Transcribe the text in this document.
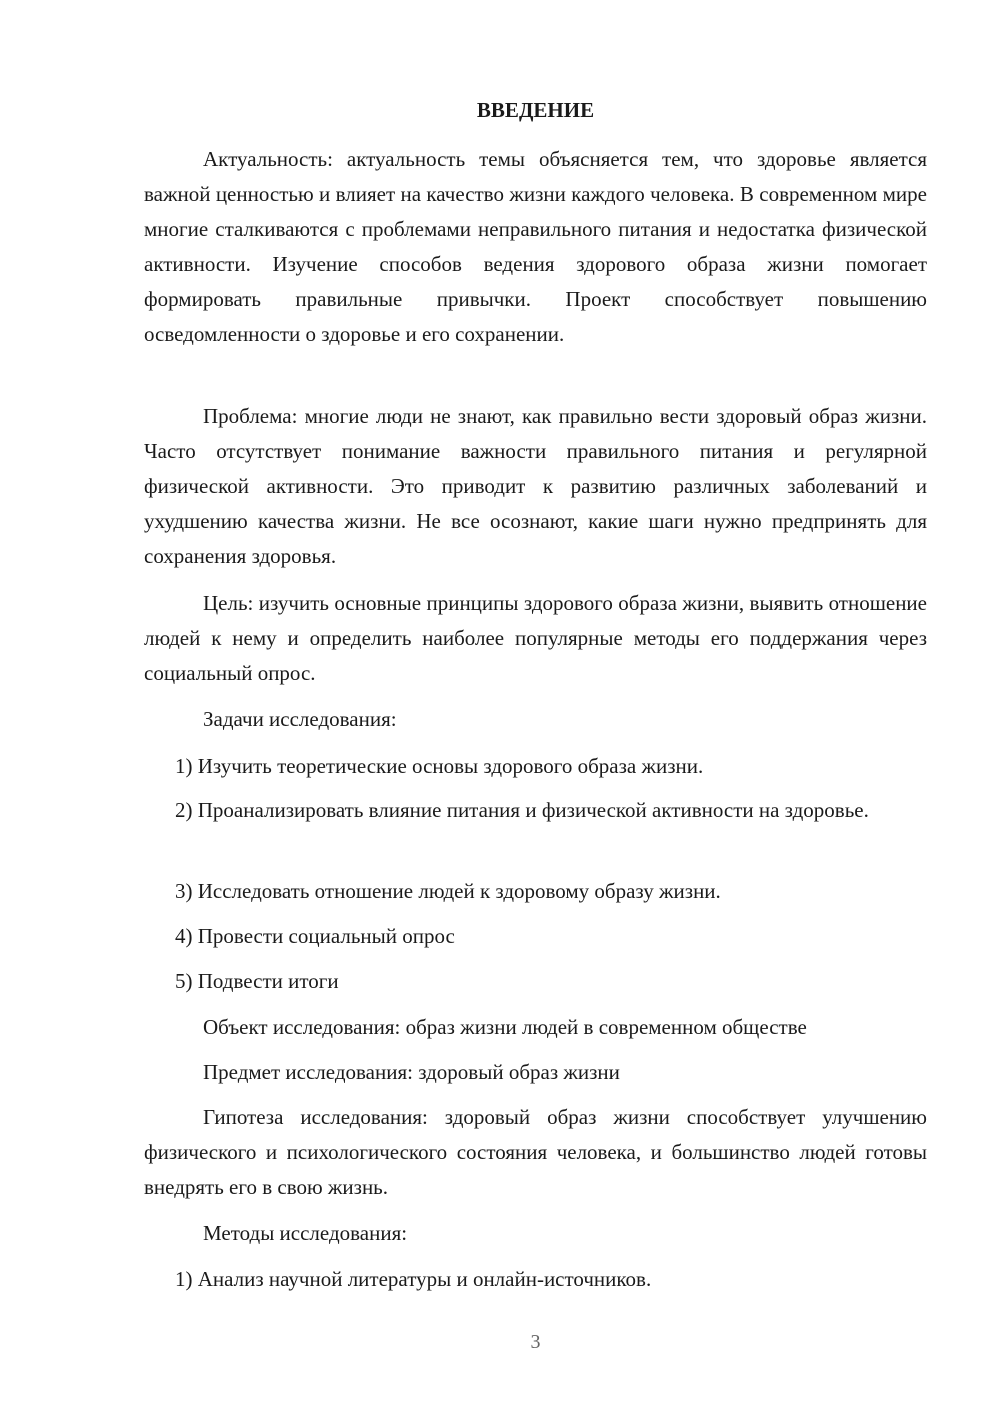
ВВЕДЕНИЕ
Актуальность: актуальность темы объясняется тем, что здоровье является важной ценностью и влияет на качество жизни каждого человека. В современном мире многие сталкиваются с проблемами неправильного питания и недостатка физической активности. Изучение способов ведения здорового образа жизни помогает формировать правильные привычки. Проект способствует повышению осведомленности о здоровье и его сохранении.
Проблема: многие люди не знают, как правильно вести здоровый образ жизни. Часто отсутствует понимание важности правильного питания и регулярной физической активности. Это приводит к развитию различных заболеваний и ухудшению качества жизни. Не все осознают, какие шаги нужно предпринять для сохранения здоровья.
Цель: изучить основные принципы здорового образа жизни, выявить отношение людей к нему и определить наиболее популярные методы его поддержания через социальный опрос.
Задачи исследования:
1) Изучить теоретические основы здорового образа жизни.
2) Проанализировать влияние питания и физической активности на здоровье.
3) Исследовать отношение людей к здоровому образу жизни.
4) Провести социальный опрос
5) Подвести итоги
Объект исследования: образ жизни людей в современном обществе
Предмет исследования: здоровый образ жизни
Гипотеза исследования: здоровый образ жизни способствует улучшению физического и психологического состояния человека, и большинство людей готовы внедрять его в свою жизнь.
Методы исследования:
1) Анализ научной литературы и онлайн-источников.
3
